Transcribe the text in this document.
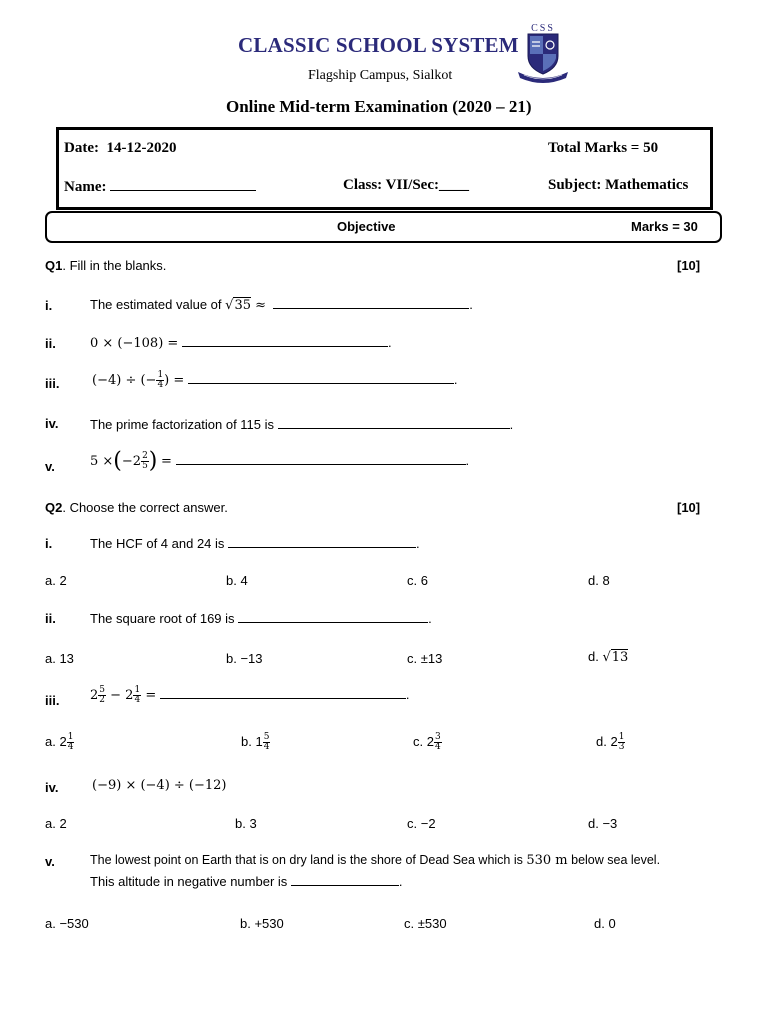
CLASSIC SCHOOL SYSTEM
Flagship Campus, Sialkot
Online Mid-term Examination (2020 – 21)
CSS
Date: 14-12-2020	Total Marks = 50
Name:	Class: VII/Sec:____	Subject: Mathematics
Objective	Marks = 30
Q1. Fill in the blanks.	[10]
i.	The estimated value of √35 ≈	.
ii.	0 × (−108) =	.
iii.	(−4) ÷ (− $\frac{1}{4}$ ) =	.
iv. The prime factorization of 115 is	.
v.	$5 \times(-2 \frac{2}{5}$ ) =	.
Q2. Choose the correct answer.	[10]
i.	The HCF of 4 and 24 is	.
a. 2	b. 4	c. 6	d. 8
ii.	The square root of 169 is	.
a. 13	b. −13	c. ±13	d. √13
iii. $2 \frac{5}{2} - 2 \frac{1}{4}$ =	.
a. $2 \frac{1}{4}$	b. $1 \frac{5}{4}$	c. $2 \frac{3}{4}$	d. $2 \frac{1}{3}$
iv.	(−9) × (−4) ÷ (−12)
a. 2	b. 3	c. −2	d. −3
v.	The lowest point on Earth that is on dry land is the shore of Dead Sea which is 530 m below sea level.
This altitude in negative number is	.
a. −530	b. +530	c. ±530	d. 0
